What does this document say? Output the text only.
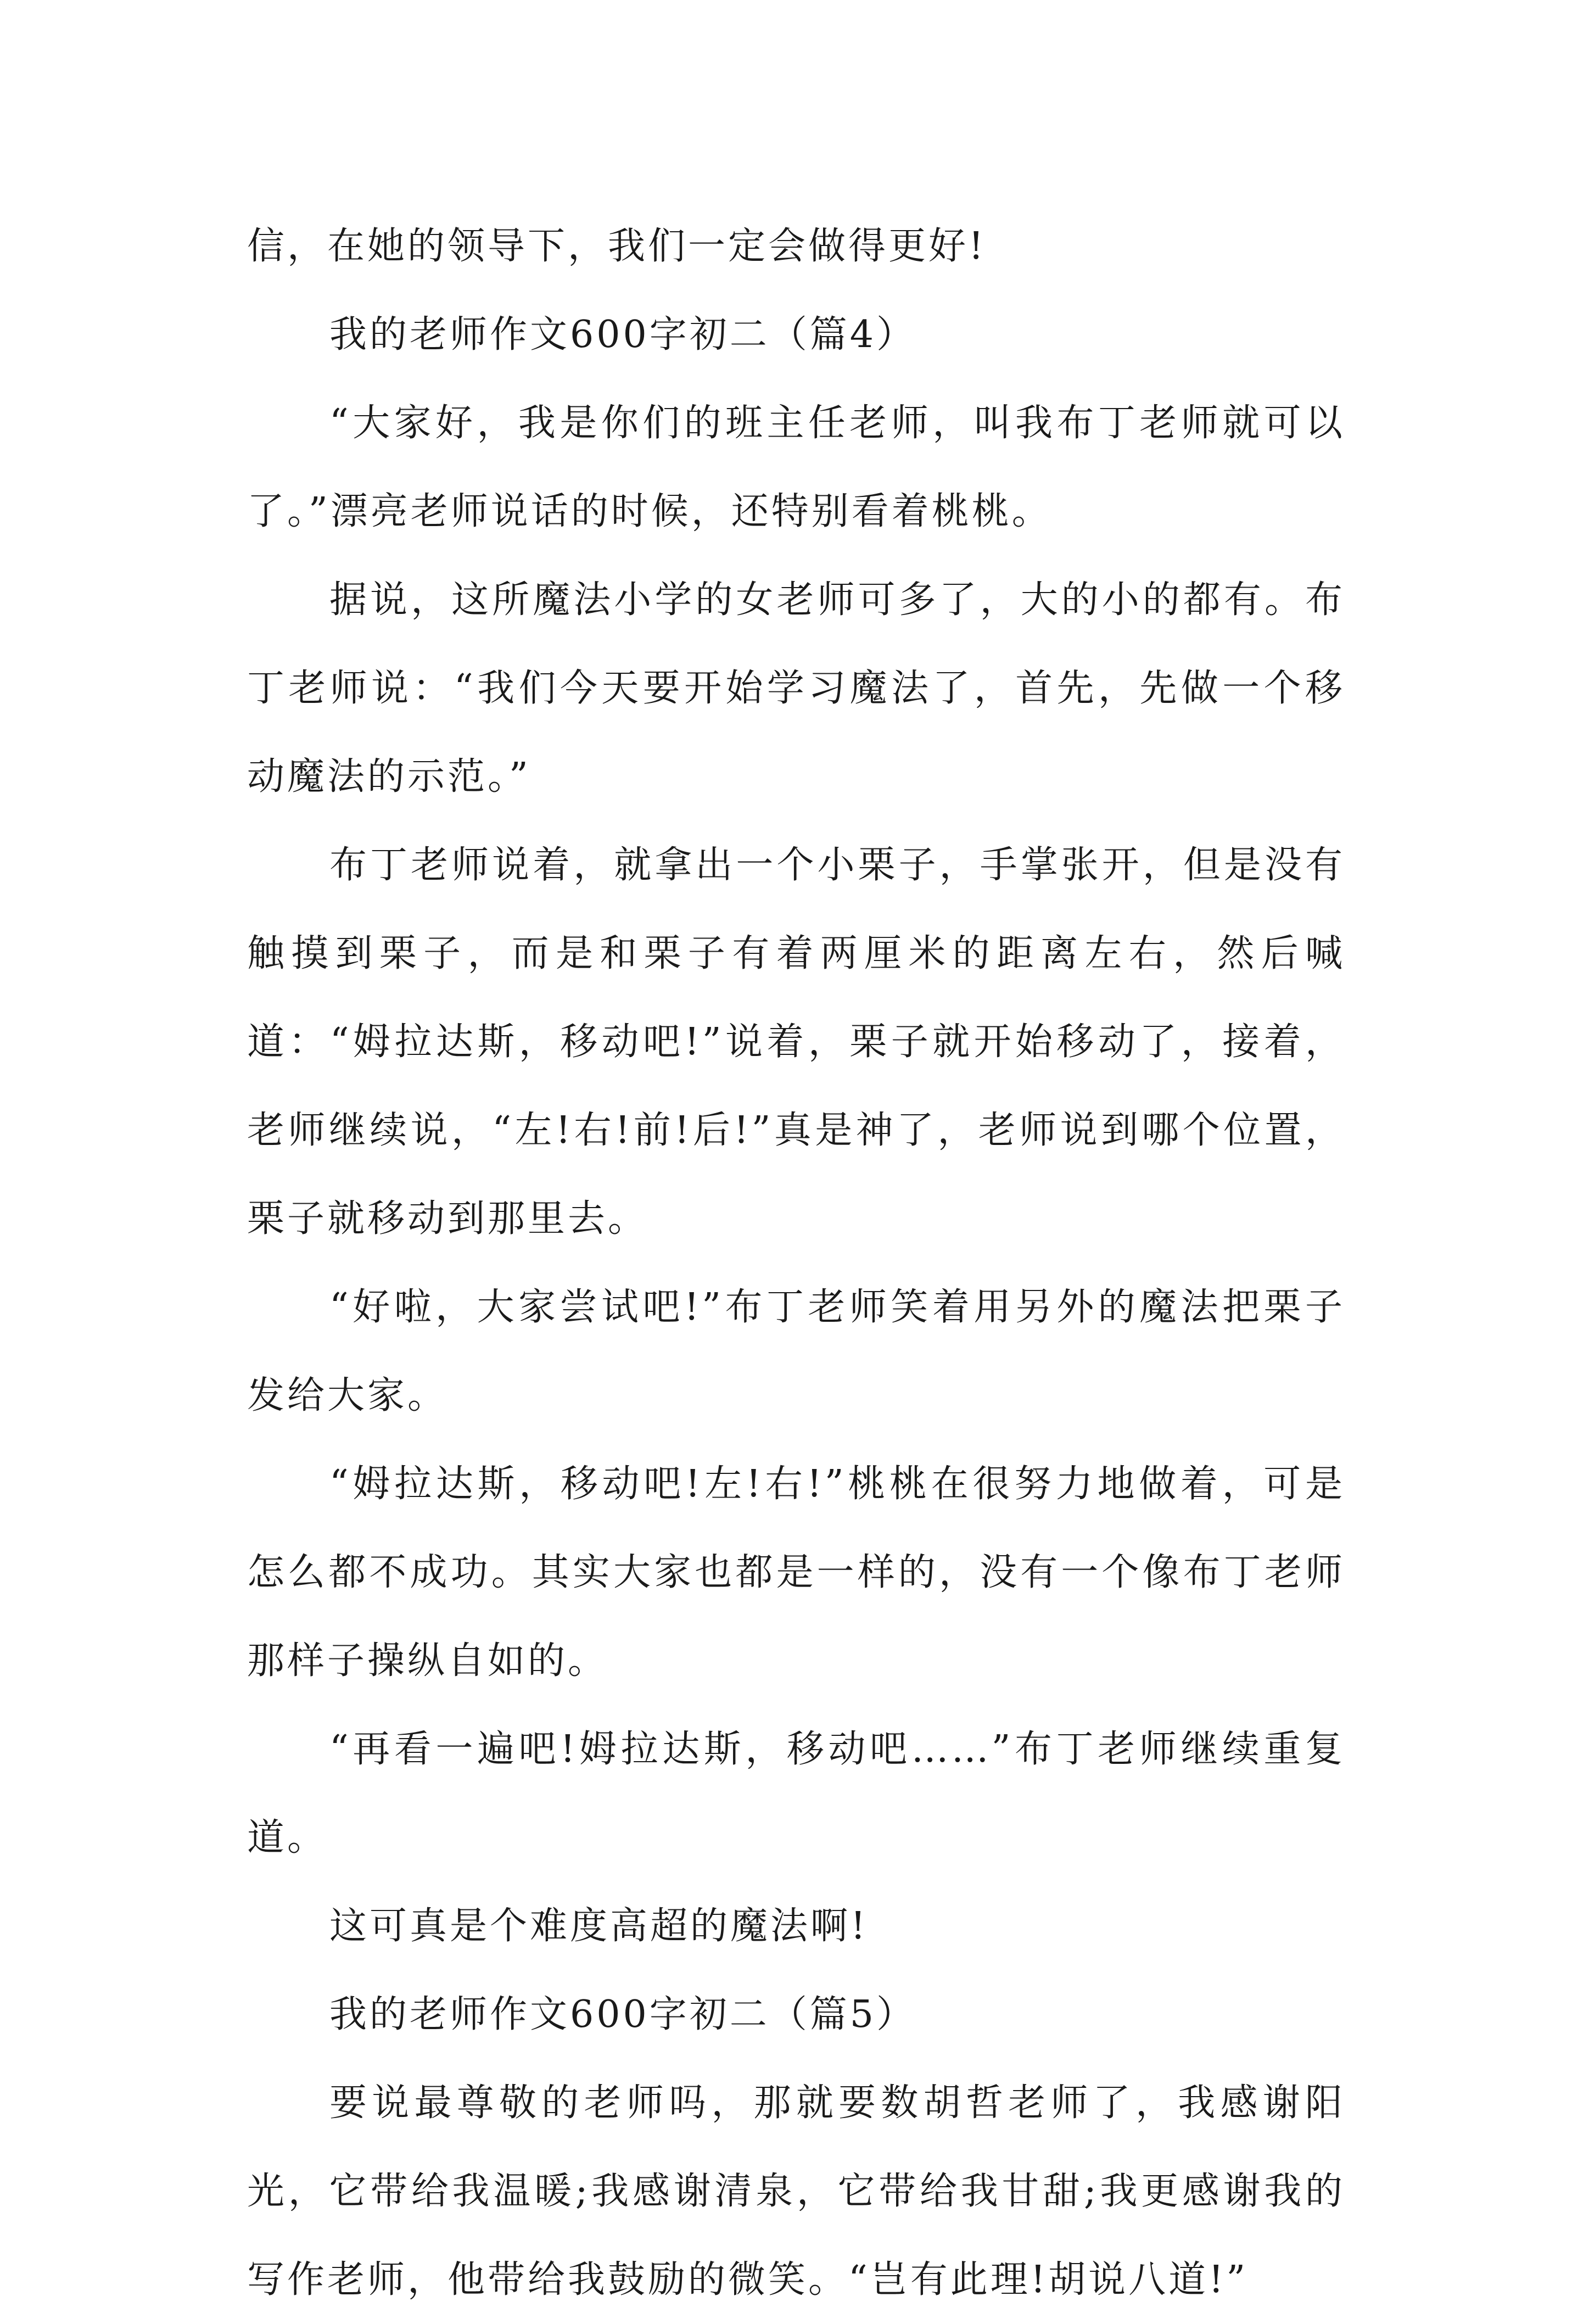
信，在她的领导下，我们一定会做得更好!

我的老师作文600字初二（篇4）

“大家好，我是你们的班主任老师，叫我布丁老师就可以了。”漂亮老师说话的时候，还特别看着桃桃。

据说，这所魔法小学的女老师可多了，大的小的都有。布丁老师说：“我们今天要开始学习魔法了，首先，先做一个移动魔法的示范。”

布丁老师说着，就拿出一个小栗子，手掌张开，但是没有触摸到栗子，而是和栗子有着两厘米的距离左右，然后喊道：“姆拉达斯，移动吧!”说着，栗子就开始移动了，接着，老师继续说，“左!右!前!后!”真是神了，老师说到哪个位置，栗子就移动到那里去。

“好啦，大家尝试吧!”布丁老师笑着用另外的魔法把栗子发给大家。

“姆拉达斯，移动吧!左!右!”桃桃在很努力地做着，可是怎么都不成功。其实大家也都是一样的，没有一个像布丁老师那样子操纵自如的。

“再看一遍吧!姆拉达斯，移动吧……”布丁老师继续重复道。

这可真是个难度高超的魔法啊!

我的老师作文600字初二（篇5）

要说最尊敬的老师吗，那就要数胡哲老师了，我感谢阳光，它带给我温暖;我感谢清泉，它带给我甘甜;我更感谢我的写作老师，他带给我鼓励的微笑。“岂有此理!胡说八道!”
